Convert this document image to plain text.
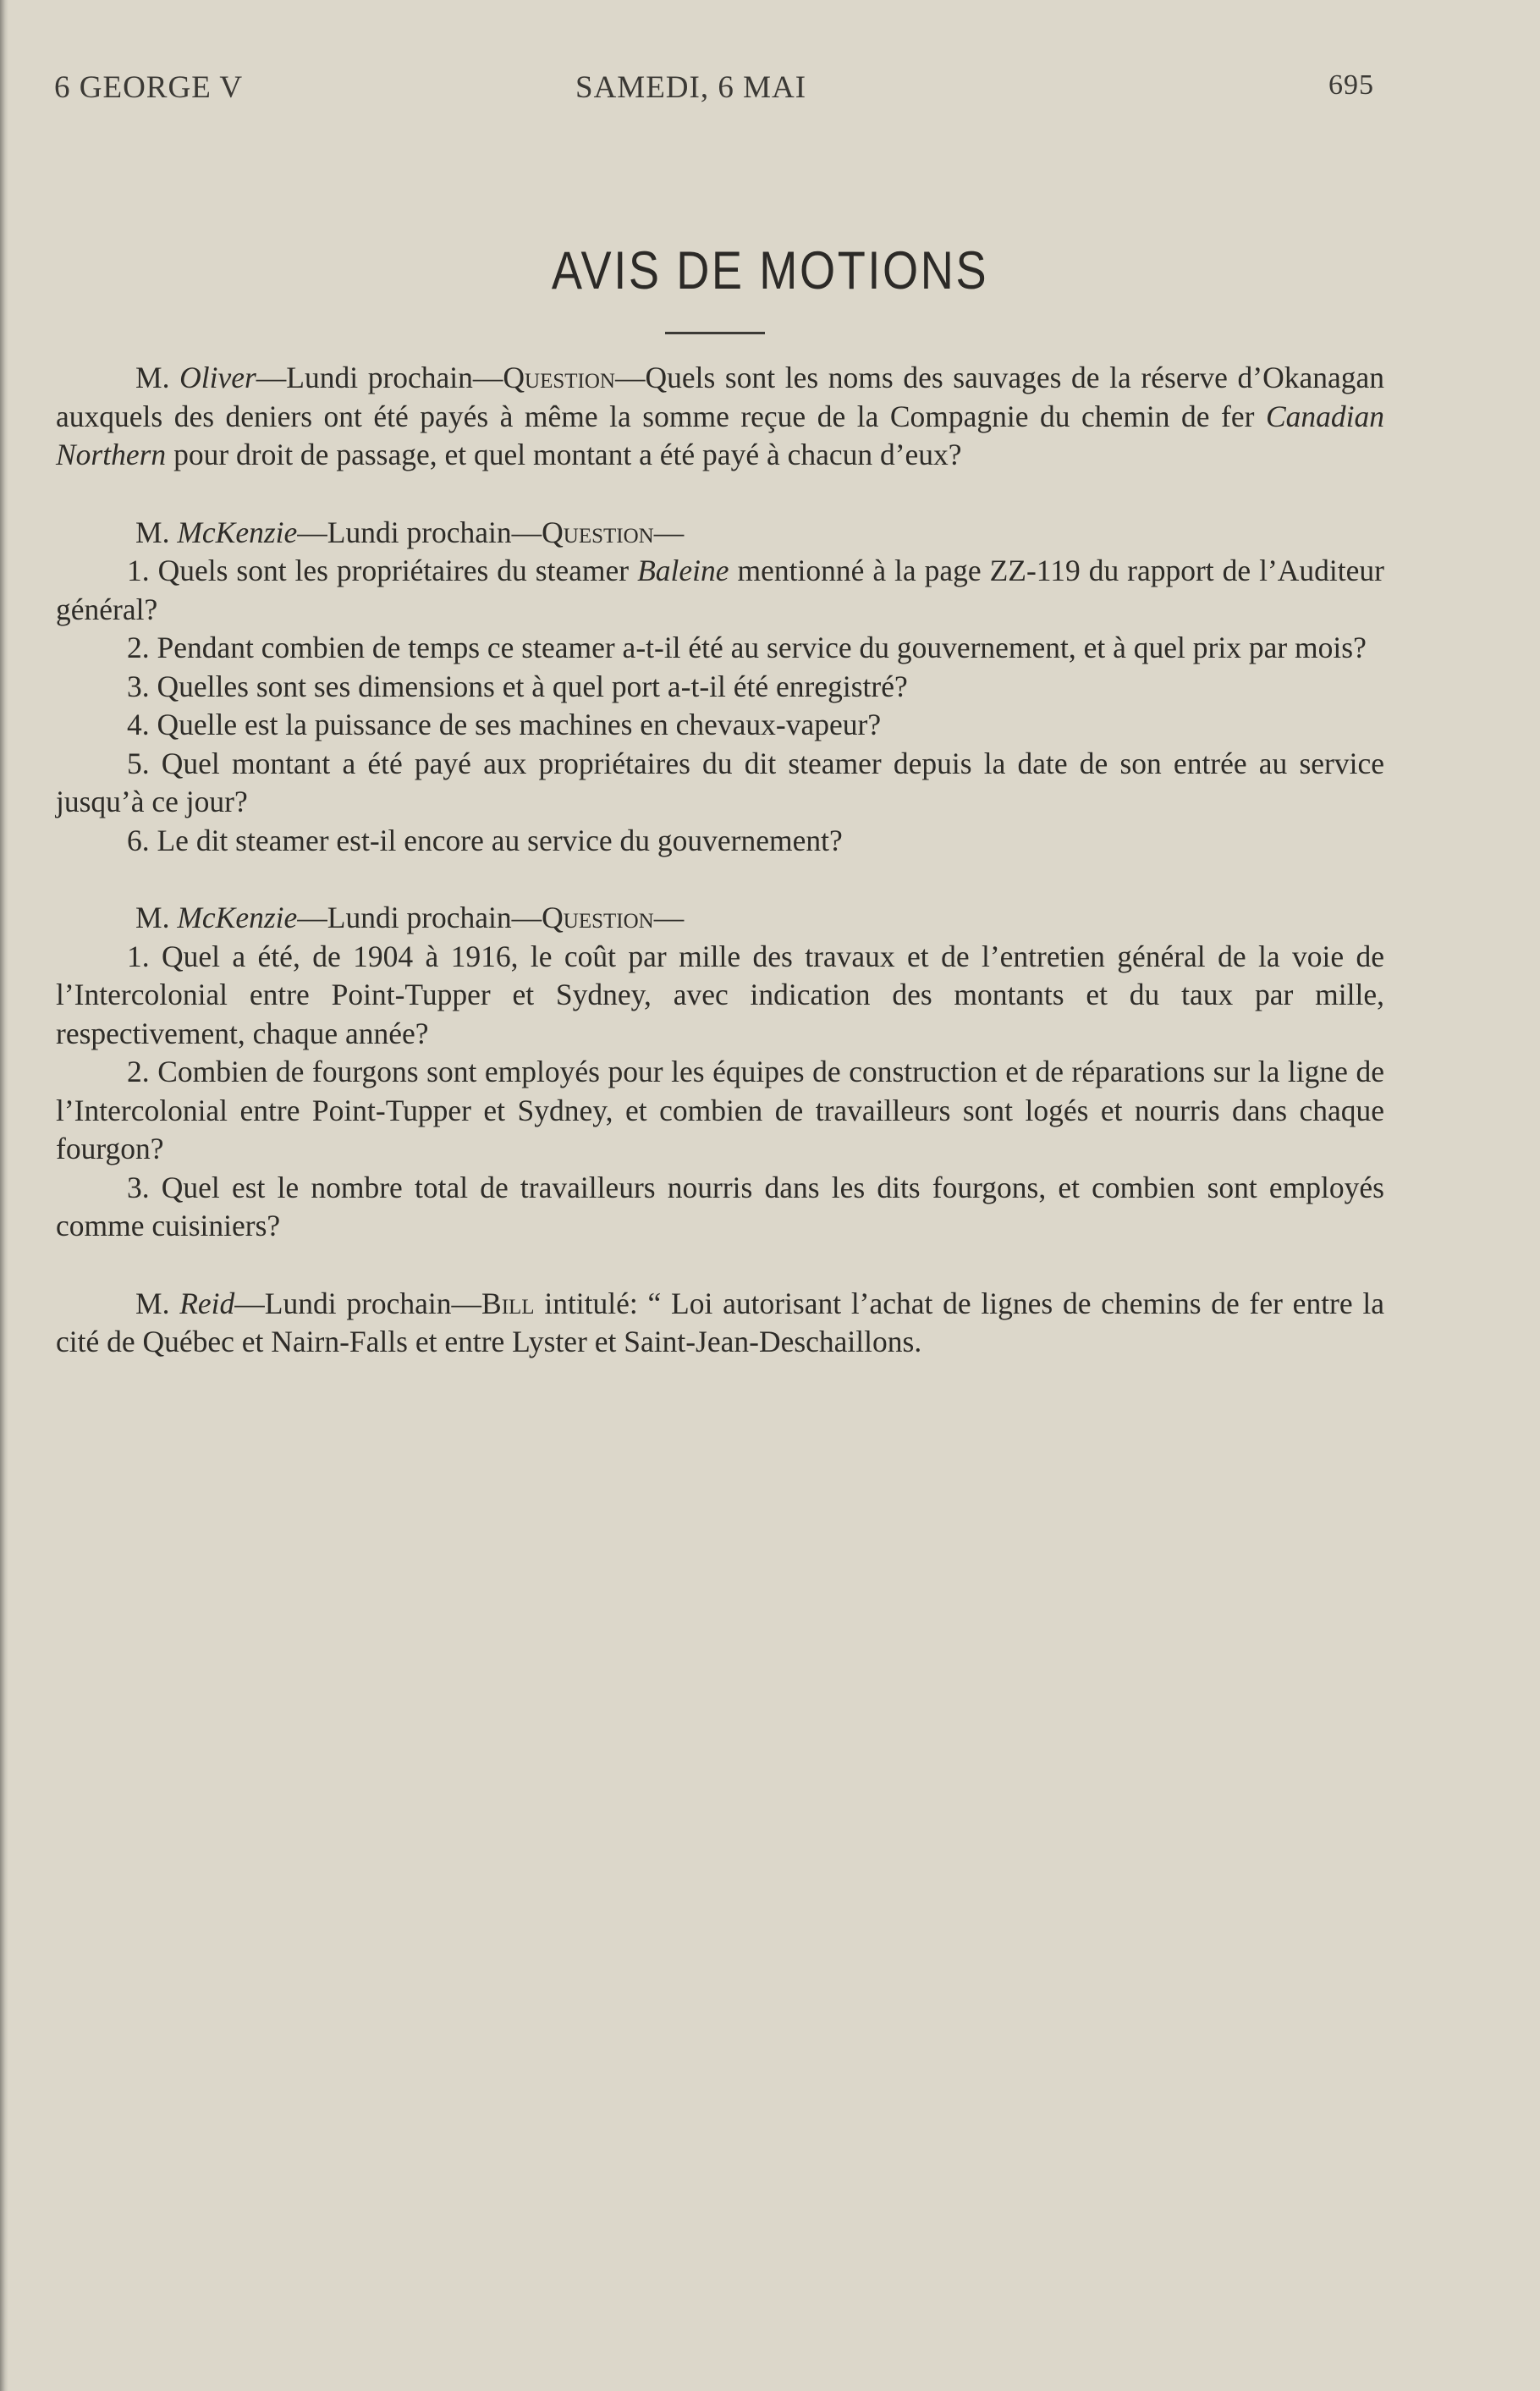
6 GEORGE V	SAMEDI, 6 MAI	695
AVIS DE MOTIONS

M. Oliver—Lundi prochain—Question—Quels sont les noms des sauvages de la réserve d’Okanagan auxquels des deniers ont été payés à même la somme reçue de la Compagnie du chemin de fer Canadian Northern pour droit de passage, et quel montant a été payé à chacun d’eux?

M. McKenzie—Lundi prochain—Question—

1. Quels sont les propriétaires du steamer Baleine mentionné à la page ZZ-119 du rapport de l’Auditeur général?

2. Pendant combien de temps ce steamer a-t-il été au service du gouvernement, et à quel prix par mois?

3. Quelles sont ses dimensions et à quel port a-t-il été enregistré?

4. Quelle est la puissance de ses machines en chevaux-vapeur?

5. Quel montant a été payé aux propriétaires du dit steamer depuis la date de son entrée au service jusqu’à ce jour?

6. Le dit steamer est-il encore au service du gouvernement?

M. McKenzie—Lundi prochain—Question—

1. Quel a été, de 1904 à 1916, le coût par mille des travaux et de l’entretien général de la voie de l’Intercolonial entre Point-Tupper et Sydney, avec indication des montants et du taux par mille, respectivement, chaque année?

2. Combien de fourgons sont employés pour les équipes de construction et de réparations sur la ligne de l’Intercolonial entre Point-Tupper et Sydney, et combien de travailleurs sont logés et nourris dans chaque fourgon?

3. Quel est le nombre total de travailleurs nourris dans les dits fourgons, et combien sont employés comme cuisiniers?

M. Reid—Lundi prochain—Bill intitulé: “ Loi autorisant l’achat de lignes de chemins de fer entre la cité de Québec et Nairn-Falls et entre Lyster et Saint-Jean-Deschaillons.
